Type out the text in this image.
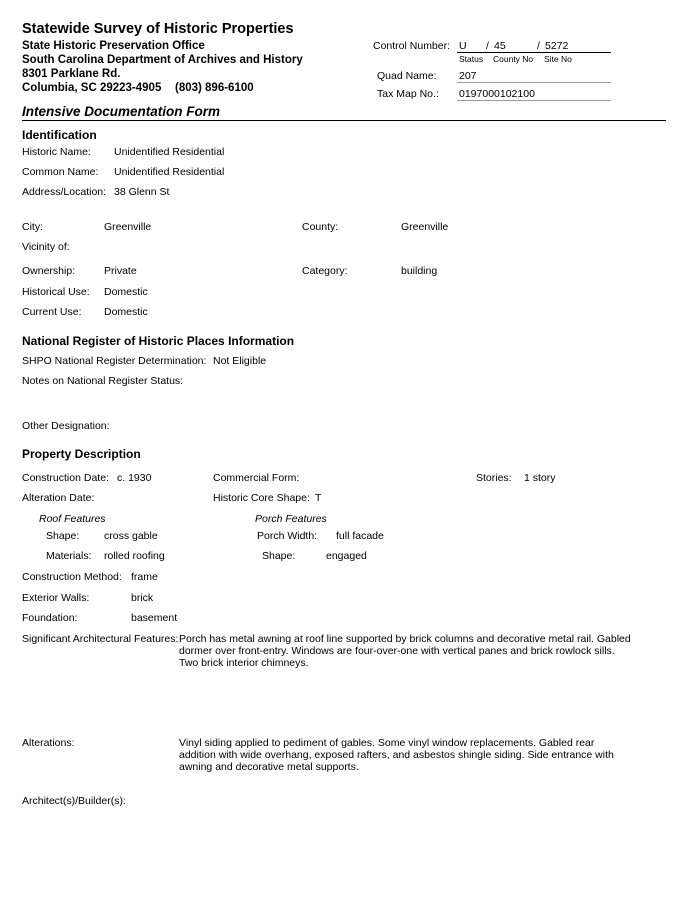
Statewide Survey of Historic Properties
State Historic Preservation Office
South Carolina Department of Archives and History
8301 Parklane Rd.
Columbia, SC 29223-4905 (803) 896-6100
Control Number: U / 45	/ 5272
Status County No Site No
Quad Name: 207
Tax Map No.: 0197000102100
Intensive Documentation Form
Identification
Historic Name: Unidentified Residential
Common Name: Unidentified Residential
Address/Location: 38 Glenn St
City:	Greenville	County:	Greenville
Vicinity of:
Ownership:	Private	Category:	building
Historical Use: Domestic
Current Use: Domestic
National Register of Historic Places Information
SHPO National Register Determination: Not Eligible
Notes on National Register Status:
Other Designation:
Property Description
Construction Date: c. 1930	Commercial Form:	Stories: 1 story
Alteration Date:	Historic Core Shape: T
Roof Features	Porch Features
Shape: cross gable	Porch Width: full facade
Materials: rolled roofing	Shape:	engaged
Construction Method: frame
Exterior Walls:	brick
Foundation:	basement
Significant Architectural Features: Porch has metal awning at roof line supported by brick columns and decorative metal rail. Gabled dormer over front-entry. Windows are four-over-one with vertical panes and brick rowlock sills. Two brick interior chimneys.
Alterations:	Vinyl siding applied to pediment of gables. Some vinyl window replacements. Gabled rear addition with wide overhang, exposed rafters, and asbestos shingle siding. Side entrance with awning and decorative metal supports.
Architect(s)/Builder(s):
